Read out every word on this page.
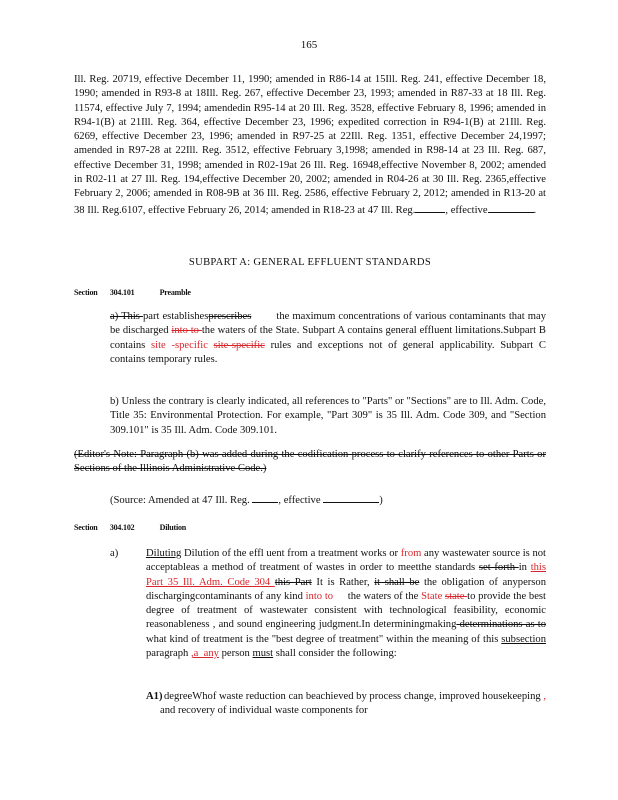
165
Ill. Reg. 20719, effective December 11, 1990; amended in R86-14 at 15Ill. Reg. 241, effective December 18, 1990; amended in R93-8 at 18Ill. Reg. 267, effective December 23, 1993; amended in R87-33 at 18 Ill. Reg. 11574, effective July 7, 1994; amendedin R95-14 at 20 Ill. Reg. 3528, effective February 8, 1996; amended in R94-1(B) at 21Ill. Reg. 364, effective December 23, 1996; expedited correction in R94-1(B) at 21Ill. Reg. 6269, effective December 23, 1996; amended in R97-25 at 22Ill. Reg. 1351, effective December 24,1997; amended in R97-28 at 22Ill. Reg. 3512, effective February 3,1998; amended in R98-14 at 23 Ill. Reg. 687, effective December 31, 1998; amended in R02-19at 26 Ill. Reg. 16948,effective November 8, 2002; amended in R02-11 at 27 Ill. Reg. 194,effective December 20, 2002; amended in R04-26 at 30 Ill. Reg. 2365,effective February 2, 2006; amended in R08-9B at 36 Ill. Reg. 2586, effective February 2, 2012; amended in R13-20 at 38 Ill. Reg.6107, effective February 26, 2014; amended in R18-23 at 47 Ill. Reg.	, effective	.
SUBPART A: GENERAL EFFLUENT STANDARDS
Section 304.101	Preamble
a) This part establishesprescribes the maximum concentrations of various contaminants that may be discharged into to the waters of the State. Subpart A contains general effluent limitations.Subpart B contains site -specific site-specific rules and exceptions not of general applicability. Subpart C contains temporary rules.
b) Unless the contrary is clearly indicated, all references to "Parts" or "Sections" are to Ill. Adm. Code, Title 35: Environmental Protection. For example, "Part 309" is 35 Ill. Adm. Code 309, and "Section 309.101" is 35 Ill. Adm. Code 309.101.
(Editor's Note: Paragraph (b) was added during the codification process to clarify references to other Parts or Sections of the Illinois Administrative Code.)
(Source: Amended at 47 Ill. Reg.	, effective	)
Section 304.102	Dilution
a)	Diluting Dilution of the effl uent from a treatment works or from any wastewater source is not acceptableas a method of treatment of wastes in order to meetthe standards set forth in this Part 35 Ill. Adm. Code 304 this Part It is Rather, it shall be the obligation of anyperson dischargingcontaminants of any kind into to the waters of the State state to provide the best degree of treatment of wastewater consistent with technological feasibility, economic reasonableness , and sound engineering judgment.In determiningmaking determinations as to what kind of treatment is the "best degree of treatment" within the meaning of this subsection paragraph ,a_any person must shall consider the following:
A1) degreeWhof waste reduction can beachieved by process change, improved housekeeping , and recovery of individual waste components for
